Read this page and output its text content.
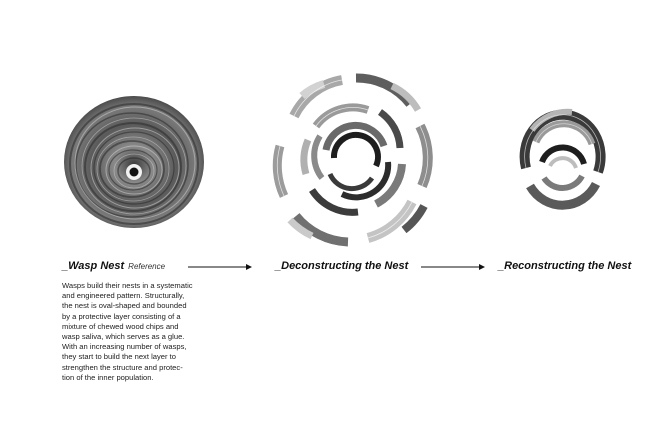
_Wasp Nest Reference	_Deconstructing the Nest	_Reconstructing the Nest
Wasps build their nests in a systematic
and engineered pattern. Structurally,
the nest is oval-shaped and bounded
by a protective layer consisting of a
mixture of chewed wood chips and
wasp saliva, which serves as a glue.
With an increasing number of wasps,
they start to build the next layer to
strengthen the structure and protec-
tion of the inner population.
